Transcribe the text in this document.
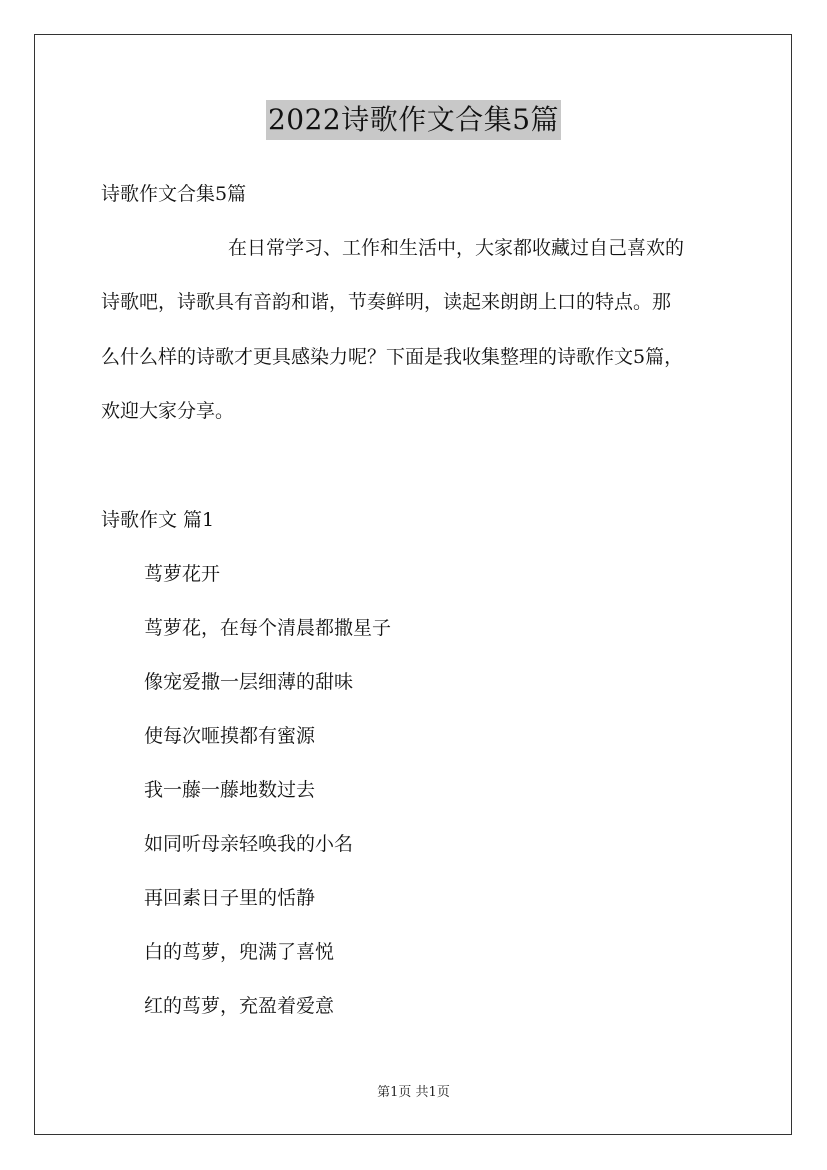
2022诗歌作文合集5篇
诗歌作文合集5篇
在日常学习、工作和生活中，大家都收藏过自己喜欢的
诗歌吧，诗歌具有音韵和谐，节奏鲜明，读起来朗朗上口的特点。那
么什么样的诗歌才更具感染力呢？下面是我收集整理的诗歌作文5篇，
欢迎大家分享。
诗歌作文 篇1
茑萝花开
茑萝花，在每个清晨都撒星子
像宠爱撒一层细薄的甜味
使每次咂摸都有蜜源
我一藤一藤地数过去
如同听母亲轻唤我的小名
再回素日子里的恬静
白的茑萝，兜满了喜悦
红的茑萝，充盈着爱意
第1页 共1页
